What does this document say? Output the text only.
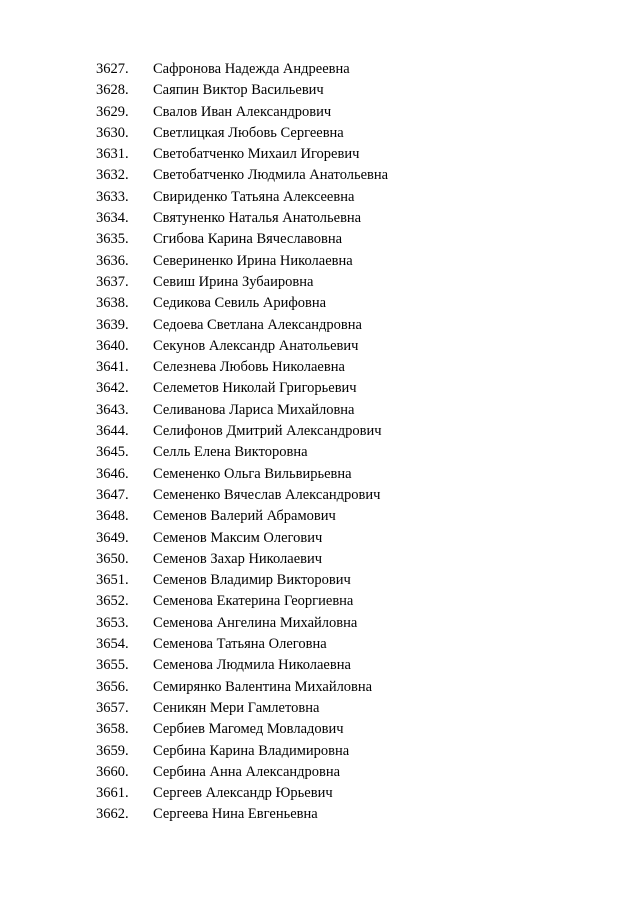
3627. Сафронова Надежда Андреевна
3628. Саяпин Виктор Васильевич
3629. Свалов Иван Александрович
3630. Светлицкая Любовь Сергеевна
3631. Светобатченко Михаил Игоревич
3632. Светобатченко Людмила Анатольевна
3633. Свириденко Татьяна Алексеевна
3634. Святуненко Наталья Анатольевна
3635. Сгибова Карина Вячеславовна
3636. Севериненко Ирина Николаевна
3637. Севиш Ирина Зубаировна
3638. Седикова Севиль Арифовна
3639. Седоева Светлана Александровна
3640. Секунов Александр Анатольевич
3641. Селезнева Любовь Николаевна
3642. Селеметов Николай Григорьевич
3643. Селиванова Лариса Михайловна
3644. Селифонов Дмитрий Александрович
3645. Селль Елена Викторовна
3646. Семененко Ольга Вильвирьевна
3647. Семененко Вячеслав Александрович
3648. Семенов Валерий Абрамович
3649. Семенов Максим Олегович
3650. Семенов Захар Николаевич
3651. Семенов Владимир Викторович
3652. Семенова Екатерина Георгиевна
3653. Семенова Ангелина Михайловна
3654. Семенова Татьяна Олеговна
3655. Семенова Людмила Николаевна
3656. Семирянко Валентина Михайловна
3657. Сеникян Мери Гамлетовна
3658. Сербиев Магомед Мовладович
3659. Сербина Карина Владимировна
3660. Сербина Анна Александровна
3661. Сергеев Александр Юрьевич
3662. Сергеева Нина Евгеньевна
